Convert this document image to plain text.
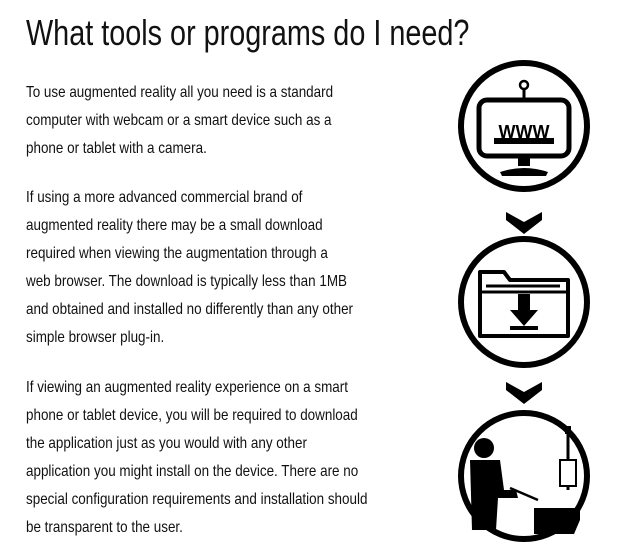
What tools or programs do I need?

To use augmented reality all you need is a standard
computer with webcam or a smart device such as a
phone or tablet with a camera.

If using a more advanced commercial brand of
augmented reality there may be a small download
required when viewing the augmentation through a
web browser. The download is typically less than 1MB
and obtained and installed no differently than any other
simple browser plug-in.

If viewing an augmented reality experience on a smart
phone or tablet device, you will be required to download
the application just as you would with any other
application you might install on the device. There are no
special configuration requirements and installation should
be transparent to the user.

WWW
